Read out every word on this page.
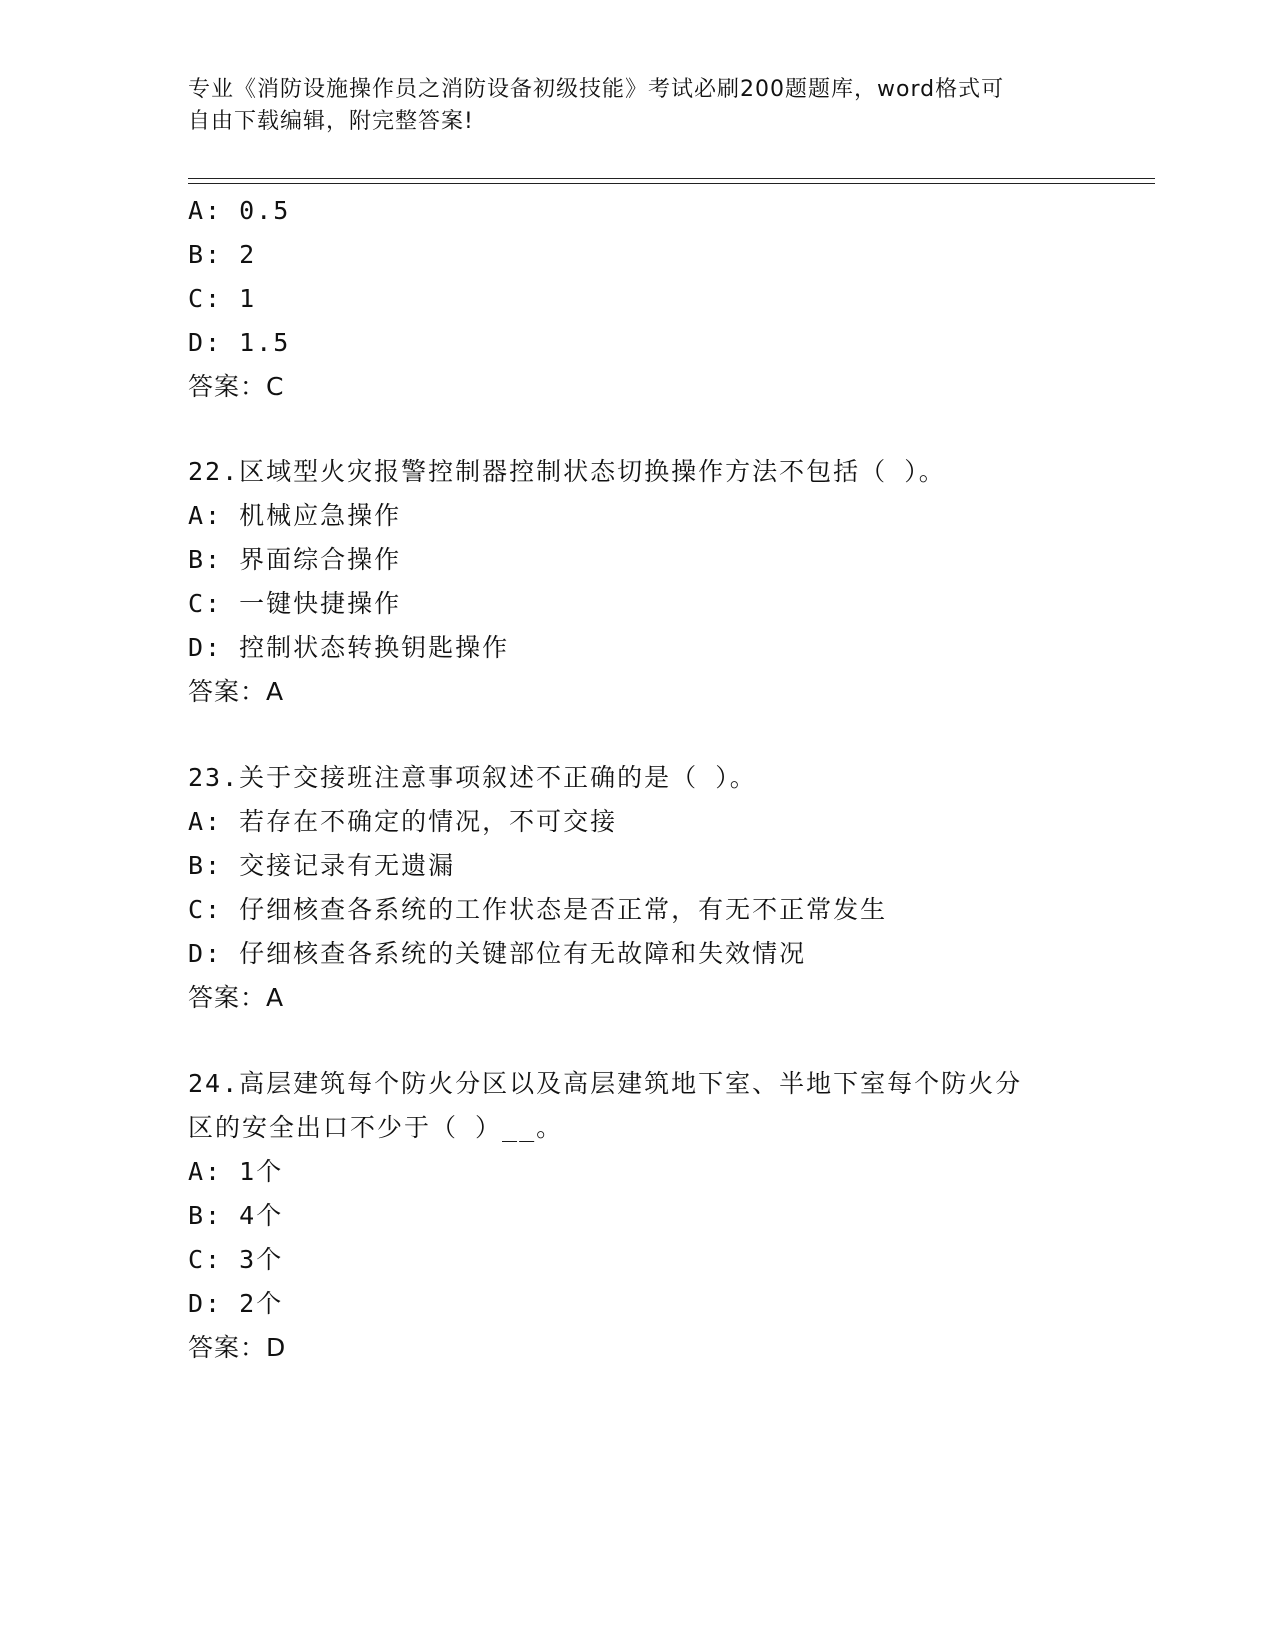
专业《消防设施操作员之消防设备初级技能》考试必刷200题题库，word格式可
自由下载编辑，附完整答案!
A: 0.5
B: 2
C: 1
D: 1.5
答案：C
22.区域型火灾报警控制器控制状态切换操作方法不包括（ ）。
A: 机械应急操作
B: 界面综合操作
C: 一键快捷操作
D: 控制状态转换钥匙操作
答案：A
23.关于交接班注意事项叙述不正确的是（ ）。
A: 若存在不确定的情况，不可交接
B: 交接记录有无遗漏
C: 仔细核查各系统的工作状态是否正常，有无不正常发生
D: 仔细核查各系统的关键部位有无故障和失效情况
答案：A
24.高层建筑每个防火分区以及高层建筑地下室、半地下室每个防火分
区的安全出口不少于（ ）__。
A: 1个
B: 4个
C: 3个
D: 2个
答案：D
